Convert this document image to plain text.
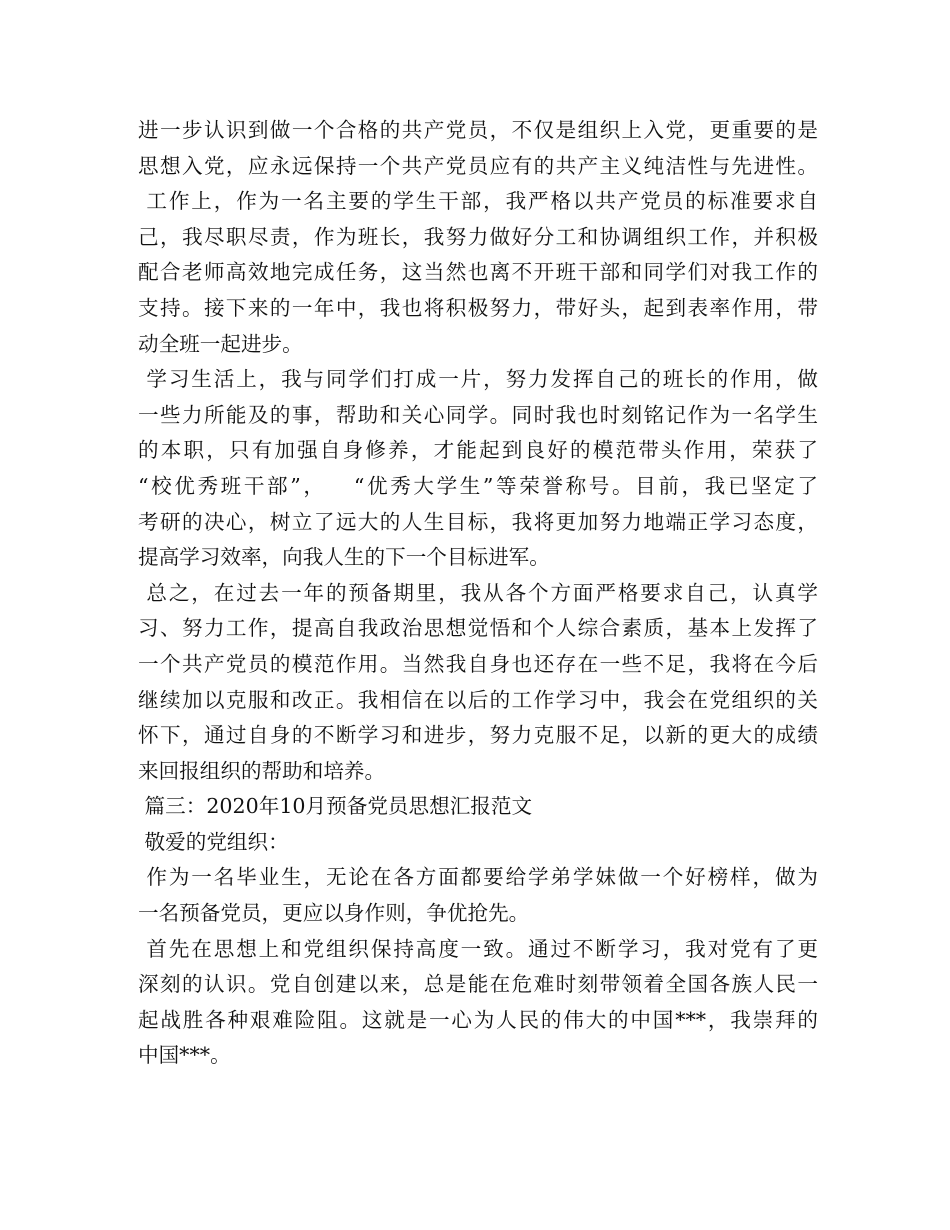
进一步认识到做一个合格的共产党员，不仅是组织上入党，更重要的是
思想入党，应永远保持一个共产党员应有的共产主义纯洁性与先进性。
工作上，作为一名主要的学生干部，我严格以共产党员的标准要求自
己，我尽职尽责，作为班长，我努力做好分工和协调组织工作，并积极
配合老师高效地完成任务，这当然也离不开班干部和同学们对我工作的
支持。接下来的一年中，我也将积极努力，带好头，起到表率作用，带
动全班一起进步。
学习生活上，我与同学们打成一片，努力发挥自己的班长的作用，做
一些力所能及的事，帮助和关心同学。同时我也时刻铭记作为一名学生
的本职，只有加强自身修养，才能起到良好的模范带头作用，荣获了
“校优秀班干部”，   “优秀大学生”等荣誉称号。目前，我已坚定了
考研的决心，树立了远大的人生目标，我将更加努力地端正学习态度，
提高学习效率，向我人生的下一个目标进军。
总之，在过去一年的预备期里，我从各个方面严格要求自己，认真学
习、努力工作，提高自我政治思想觉悟和个人综合素质，基本上发挥了
一个共产党员的模范作用。当然我自身也还存在一些不足，我将在今后
继续加以克服和改正。我相信在以后的工作学习中，我会在党组织的关
怀下，通过自身的不断学习和进步，努力克服不足，以新的更大的成绩
来回报组织的帮助和培养。
篇三：2020年10月预备党员思想汇报范文
敬爱的党组织：
作为一名毕业生，无论在各方面都要给学弟学妹做一个好榜样，做为
一名预备党员，更应以身作则，争优抢先。
首先在思想上和党组织保持高度一致。通过不断学习，我对党有了更
深刻的认识。党自创建以来，总是能在危难时刻带领着全国各族人民一
起战胜各种艰难险阻。这就是一心为人民的伟大的中国***，我崇拜的
中国***。
